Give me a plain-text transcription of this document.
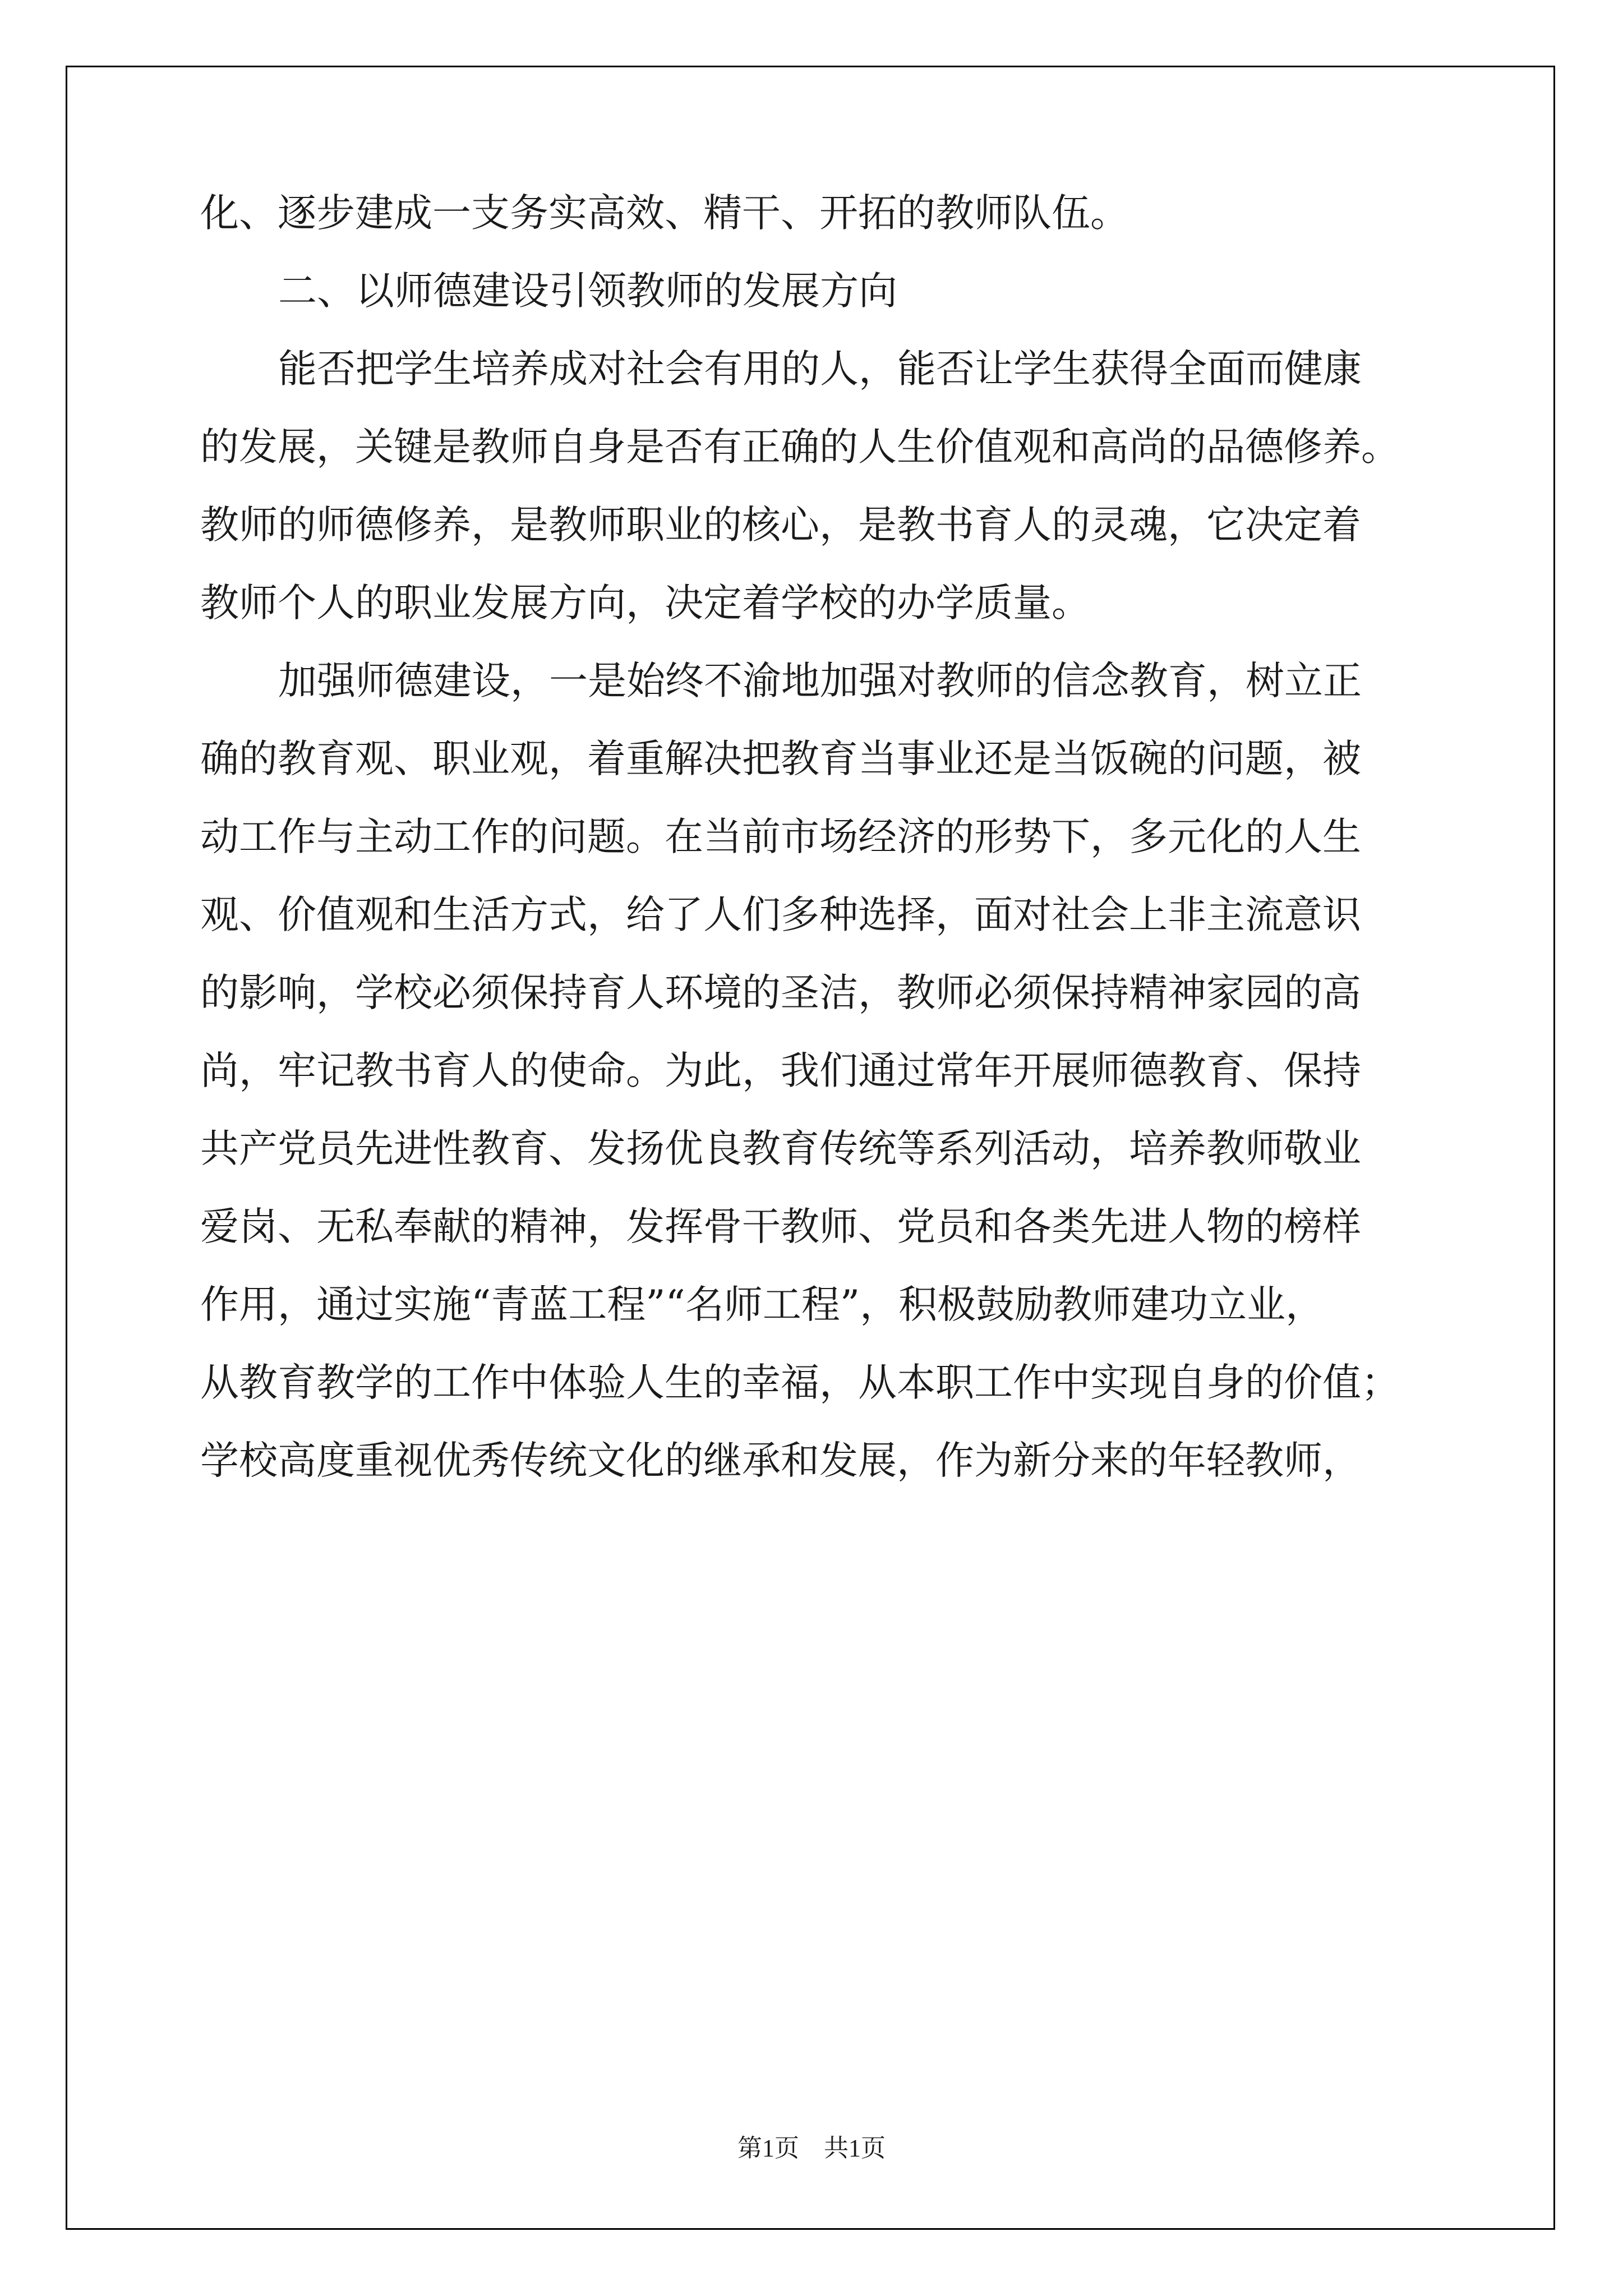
化、逐步建成一支务实高效、精干、开拓的教师队伍。

二、以师德建设引领教师的发展方向

能否把学生培养成对社会有用的人，能否让学生获得全面而健康

的发展，关键是教师自身是否有正确的人生价值观和高尚的品德修养。

教师的师德修养，是教师职业的核心，是教书育人的灵魂，它决定着

教师个人的职业发展方向，决定着学校的办学质量。

加强师德建设，一是始终不渝地加强对教师的信念教育，树立正

确的教育观、职业观，着重解决把教育当事业还是当饭碗的问题，被

动工作与主动工作的问题。在当前市场经济的形势下，多元化的人生

观、价值观和生活方式，给了人们多种选择，面对社会上非主流意识

的影响，学校必须保持育人环境的圣洁，教师必须保持精神家园的高

尚，牢记教书育人的使命。为此，我们通过常年开展师德教育、保持

共产党员先进性教育、发扬优良教育传统等系列活动，培养教师敬业

爱岗、无私奉献的精神，发挥骨干教师、党员和各类先进人物的榜样

作用，通过实施“青蓝工程”“名师工程”，积极鼓励教师建功立业，

从教育教学的工作中体验人生的幸福，从本职工作中实现自身的价值；

学校高度重视优秀传统文化的继承和发展，作为新分来的年轻教师，

第1页　共1页
